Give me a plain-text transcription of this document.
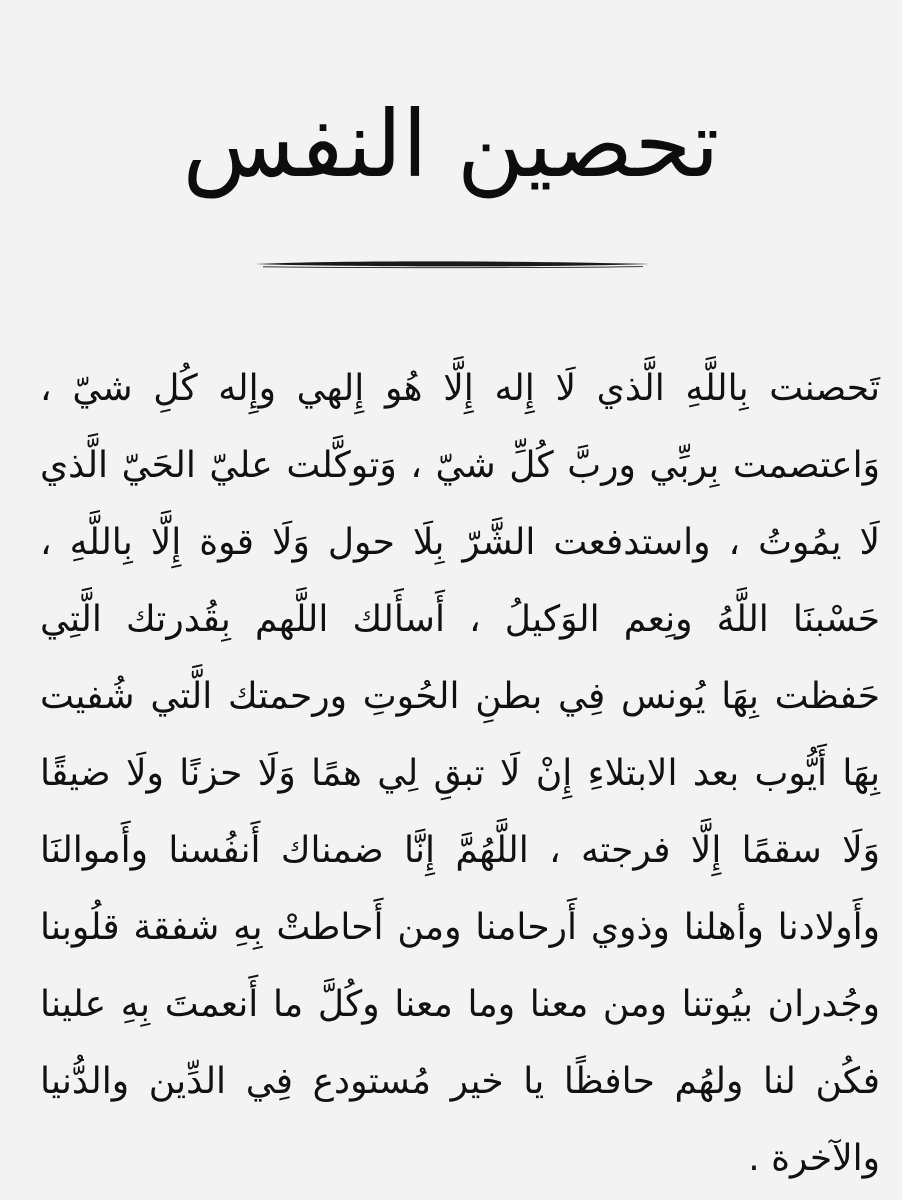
تحصين النفس

تَحصنت بِاللَّهِ الَّذي لَا إِله إِلَّا هُو إِلهي وإِله كُلِ شيّ ، وَاعتصمت بِربِّي وربَّ كُلِّ شيّ ، وَتوكَّلت عليّ الحَيّ الَّذي لَا يمُوتُ ، واستدفعت الشَّرّ بِلَا حول وَلَا قوة إِلَّا بِاللَّهِ ، حَسْبنَا اللَّهُ ونِعم الوَكيلُ ، أَسأَلك اللَّهم بِقُدرتك الَّتِي حَفظت بِهَا يُونس فِي بطنِ الحُوتِ ورحمتك الَّتي شُفيت بِهَا أَيُّوب بعد الابتلاءِ إِنْ لَا تبقِ لِي همًا وَلَا حزنًا ولَا ضيقًا وَلَا سقمًا إِلَّا فرجته ، اللَّهُمَّ إِنَّا ضمناك أَنفُسنا وأَموالنَا وأَولادنا وأهلنا وذوي أَرحامنا ومن أَحاطتْ بِهِ شفقة قلُوبنا وجُدران بيُوتنا ومن معنا وما معنا وكُلَّ ما أَنعمتَ بِهِ علينا فكُن لنا ولهُم حافظًا يا خير مُستودع فِي الدِّين والدُّنيا والآخرة .
